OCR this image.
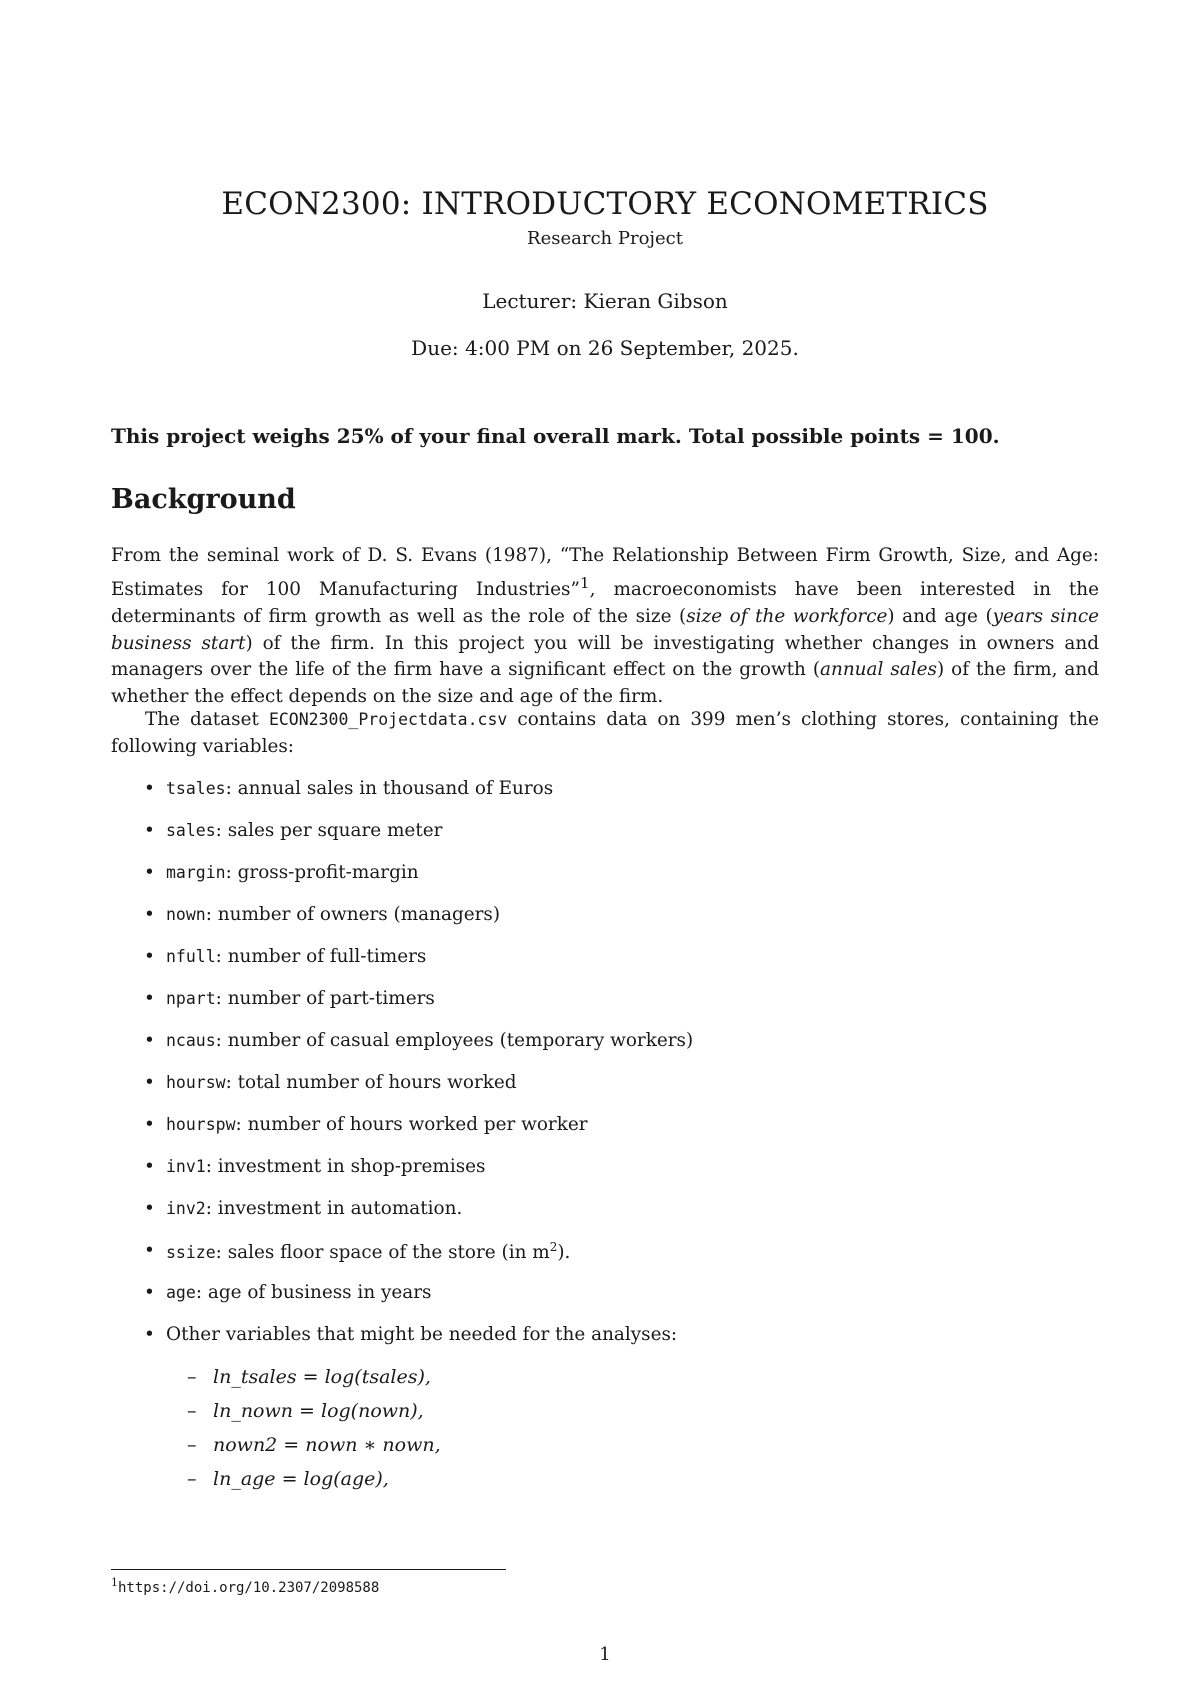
ECON2300: INTRODUCTORY ECONOMETRICS
Research Project
Lecturer: Kieran Gibson
Due: 4:00 PM on 26 September, 2025.
This project weighs 25% of your final overall mark. Total possible points = 100.
Background

From the seminal work of D. S. Evans (1987), “The Relationship Between Firm Growth, Size, and Age: Estimates for 100 Manufacturing Industries”$^1$, macroeconomists have been interested in the determinants of firm growth as well as the role of the size (size of the workforce) and age (years since business start) of the firm. In this project you will be investigating whether changes in owners and managers over the life of the firm have a significant effect on the growth (annual sales) of the firm, and whether the effect depends on the size and age of the firm.

The dataset ECON2300_Projectdata.csv contains data on 399 men’s clothing stores, containing the following variables:

• tsales: annual sales in thousand of Euros
• sales: sales per square meter
• margin: gross-profit-margin
• nown: number of owners (managers)
• nfull: number of full-timers
• npart: number of part-timers
• ncaus: number of casual employees (temporary workers)
• hoursw: total number of hours worked
• hourspw: number of hours worked per worker
• inv1: investment in shop-premises
• inv2: investment in automation.
• ssize: sales floor space of the store (in $m^2$).
• age: age of business in years
• Other variables that might be needed for the analyses:
– ln_tsales = log(tsales),
– ln_nown = log(nown),
– nown2 = nown ∗ nown,
– ln_age = log(age),
$^1$https://doi.org/10.2307/2098588
1
